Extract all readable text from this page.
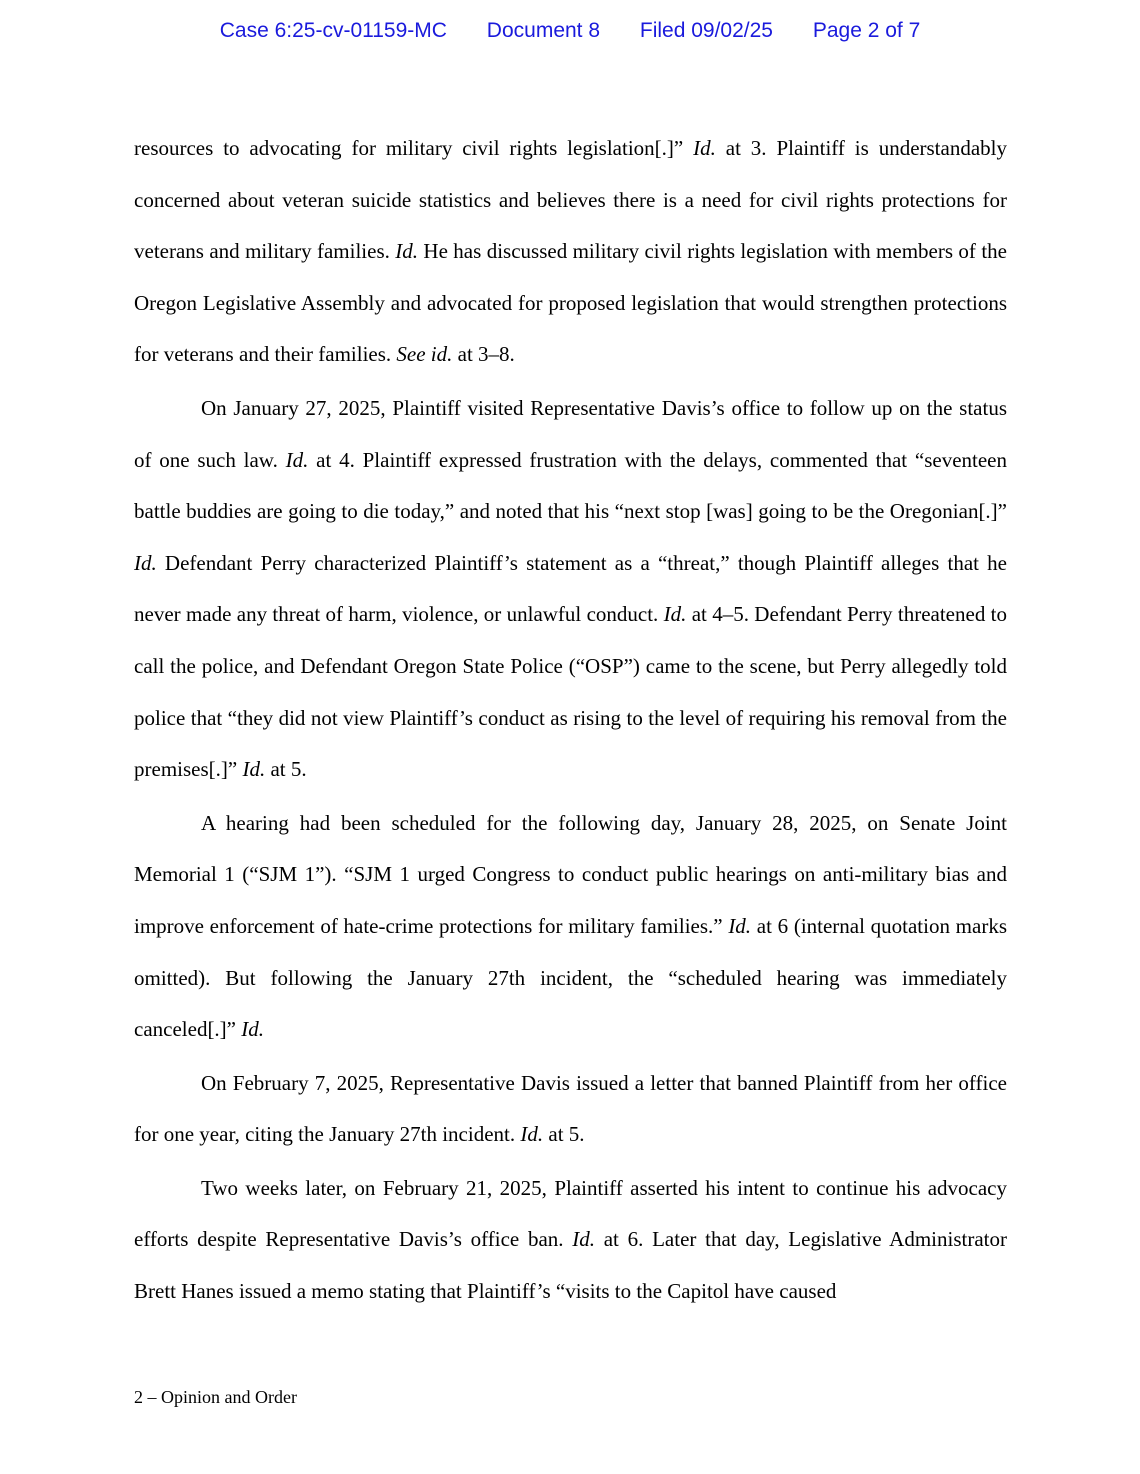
Case 6:25-cv-01159-MC Document 8 Filed 09/02/25 Page 2 of 7

resources to advocating for military civil rights legislation[.]” Id. at 3. Plaintiff is understandably concerned about veteran suicide statistics and believes there is a need for civil rights protections for veterans and military families. Id. He has discussed military civil rights legislation with members of the Oregon Legislative Assembly and advocated for proposed legislation that would strengthen protections for veterans and their families. See id. at 3–8.

On January 27, 2025, Plaintiff visited Representative Davis’s office to follow up on the status of one such law. Id. at 4. Plaintiff expressed frustration with the delays, commented that “seventeen battle buddies are going to die today,” and noted that his “next stop [was] going to be the Oregonian[.]” Id. Defendant Perry characterized Plaintiff’s statement as a “threat,” though Plaintiff alleges that he never made any threat of harm, violence, or unlawful conduct. Id. at 4–5. Defendant Perry threatened to call the police, and Defendant Oregon State Police (“OSP”) came to the scene, but Perry allegedly told police that “they did not view Plaintiff’s conduct as rising to the level of requiring his removal from the premises[.]” Id. at 5.

A hearing had been scheduled for the following day, January 28, 2025, on Senate Joint Memorial 1 (“SJM 1”). “SJM 1 urged Congress to conduct public hearings on anti-military bias and improve enforcement of hate-crime protections for military families.” Id. at 6 (internal quotation marks omitted). But following the January 27th incident, the “scheduled hearing was immediately canceled[.]” Id.

On February 7, 2025, Representative Davis issued a letter that banned Plaintiff from her office for one year, citing the January 27th incident. Id. at 5.

Two weeks later, on February 21, 2025, Plaintiff asserted his intent to continue his advocacy efforts despite Representative Davis’s office ban. Id. at 6. Later that day, Legislative Administrator Brett Hanes issued a memo stating that Plaintiff’s “visits to the Capitol have caused

2 – Opinion and Order
